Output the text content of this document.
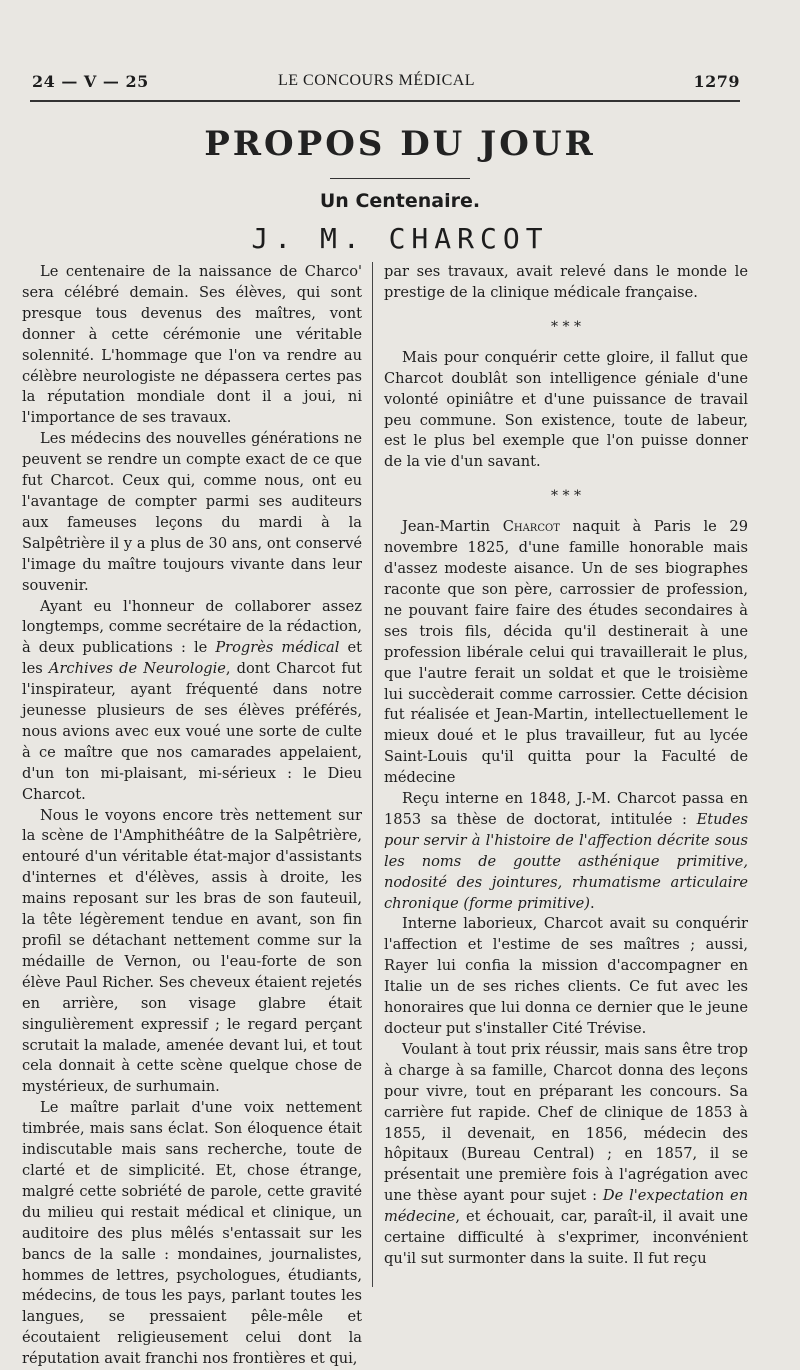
24 — V — 25	LE CONCOURS MÉDICAL	1279
PROPOS DU JOUR
Un Centenaire.
J. M. CHARCOT

Le centenaire de la naissance de Charco' sera célébré demain. Ses élèves, qui sont presque tous devenus des maîtres, vont donner à cette cérémonie une véritable solennité. L'hommage que l'on va rendre au célèbre neurologiste ne dépassera certes pas la réputation mondiale dont il a joui, ni l'importance de ses travaux.

Les médecins des nouvelles générations ne peuvent se rendre un compte exact de ce que fut Charcot. Ceux qui, comme nous, ont eu l'avantage de compter parmi ses auditeurs aux fameuses leçons du mardi à la Salpêtrière il y a plus de 30 ans, ont conservé l'image du maître toujours vivante dans leur souvenir.

Ayant eu l'honneur de collaborer assez longtemps, comme secrétaire de la rédaction, à deux publications : le Progrès médical et les Archives de Neurologie, dont Charcot fut l'inspirateur, ayant fréquenté dans notre jeunesse plusieurs de ses élèves préférés, nous avions avec eux voué une sorte de culte à ce maître que nos camarades appelaient, d'un ton mi-plaisant, mi-sérieux : le Dieu Charcot.

Nous le voyons encore très nettement sur la scène de l'Amphithéâtre de la Salpêtrière, entouré d'un véritable état-major d'assistants d'internes et d'élèves, assis à droite, les mains reposant sur les bras de son fauteuil, la tête légèrement tendue en avant, son fin profil se détachant nettement comme sur la médaille de Vernon, ou l'eau-forte de son élève Paul Richer. Ses cheveux étaient rejetés en arrière, son visage glabre était singulièrement expressif ; le regard perçant scrutait la malade, amenée devant lui, et tout cela donnait à cette scène quelque chose de mystérieux, de surhumain.

Le maître parlait d'une voix nettement timbrée, mais sans éclat. Son éloquence était indiscutable mais sans recherche, toute de clarté et de simplicité. Et, chose étrange, malgré cette sobriété de parole, cette gravité du milieu qui restait médical et clinique, un auditoire des plus mêlés s'entassait sur les bancs de la salle : mondaines, journalistes, hommes de lettres, psychologues, étudiants, médecins, de tous les pays, parlant toutes les langues, se pressaient pêle-mêle et écoutaient religieusement celui dont la réputation avait franchi nos frontières et qui,

par ses travaux, avait relevé dans le monde le prestige de la clinique médicale française.

* * *

Mais pour conquérir cette gloire, il fallut que Charcot doublât son intelligence géniale d'une volonté opiniâtre et d'une puissance de travail peu commune. Son existence, toute de labeur, est le plus bel exemple que l'on puisse donner de la vie d'un savant.

* * *

Jean-Martin Charcot naquit à Paris le 29 novembre 1825, d'une famille honorable mais d'assez modeste aisance. Un de ses biographes raconte que son père, carrossier de profession, ne pouvant faire faire des études secondaires à ses trois fils, décida qu'il destinerait à une profession libérale celui qui travaillerait le plus, que l'autre ferait un soldat et que le troisième lui succèderait comme carrossier. Cette décision fut réalisée et Jean-Martin, intellectuellement le mieux doué et le plus travailleur, fut au lycée Saint-Louis qu'il quitta pour la Faculté de médecine

Reçu interne en 1848, J.-M. Charcot passa en 1853 sa thèse de doctorat, intitulée : Etudes pour servir à l'histoire de l'affection décrite sous les noms de goutte asthénique primitive, nodosité des jointures, rhumatisme articulaire chronique (forme primitive).

Interne laborieux, Charcot avait su conquérir l'affection et l'estime de ses maîtres ; aussi, Rayer lui confia la mission d'accompagner en Italie un de ses riches clients. Ce fut avec les honoraires que lui donna ce dernier que le jeune docteur put s'installer Cité Trévise.

Voulant à tout prix réussir, mais sans être trop à charge à sa famille, Charcot donna des leçons pour vivre, tout en préparant les concours. Sa carrière fut rapide. Chef de clinique de 1853 à 1855, il devenait, en 1856, médecin des hôpitaux (Bureau Central) ; en 1857, il se présentait une première fois à l'agrégation avec une thèse ayant pour sujet : De l'expectation en médecine, et échouait, car, paraît-il, il avait une certaine difficulté à s'exprimer, inconvénient qu'il sut surmonter dans la suite. Il fut reçu
